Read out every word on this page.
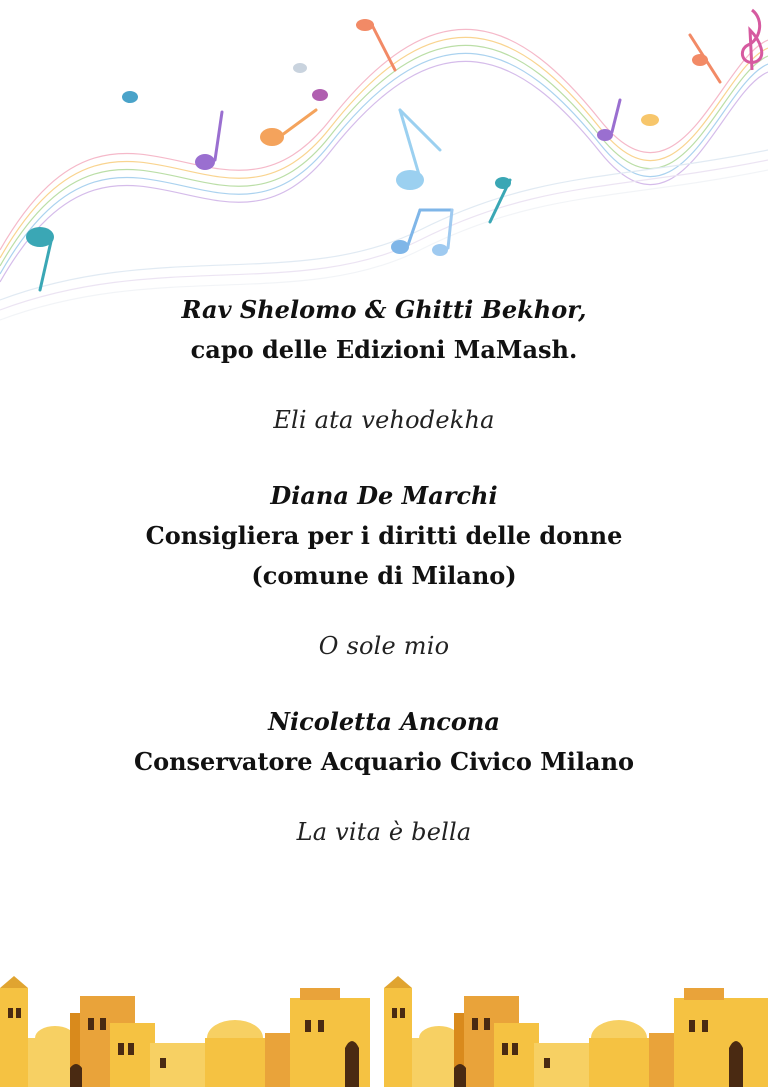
Rav Shelomo & Ghitti Bekhor,
capo delle Edizioni MaMash.
Eli ata vehodekha
Diana De Marchi
Consigliera per i diritti delle donne
(comune di Milano)
O sole mio
Nicoletta Ancona
Conservatore Acquario Civico Milano
La vita è bella
